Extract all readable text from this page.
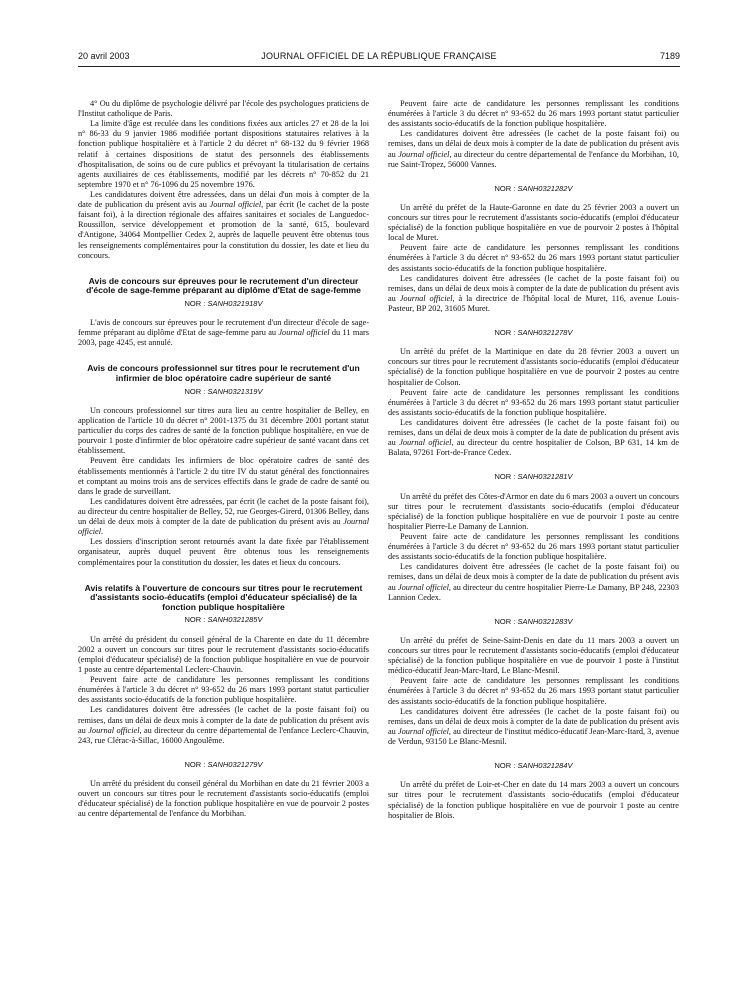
20 avril 2003	JOURNAL OFFICIEL DE LA RÉPUBLIQUE FRANÇAISE	7189

4° Ou du diplôme de psychologie délivré par l'école des psychologues praticiens de l'Institut catholique de Paris.

La limite d'âge est reculée dans les conditions fixées aux articles 27 et 28 de la loi n° 86-33 du 9 janvier 1986 modifiée portant dispositions statutaires relatives à la fonction publique hospitalière et à l'article 2 du décret n° 68-132 du 9 février 1968 relatif à certaines dispositions de statut des personnels des établissements d'hospitalisation, de soins ou de cure publics et prévoyant la titularisation de certains agents auxiliaires de ces établissements, modifié par les décrets n° 70-852 du 21 septembre 1970 et n° 76-1096 du 25 novembre 1976.

Les candidatures doivent être adressées, dans un délai d'un mois à compter de la date de publication du présent avis au Journal officiel, par écrit (le cachet de la poste faisant foi), à la direction régionale des affaires sanitaires et sociales de Languedoc-Roussillon, service développement et promotion de la santé, 615, boulevard d'Antigone, 34064 Montpellier Cedex 2, auprès de laquelle peuvent être obtenus tous les renseignements complémentaires pour la constitution du dossier, les date et lieu du concours.

Avis de concours sur épreuves pour le recrutement d'un directeur d'école de sage-femme préparant au diplôme d'Etat de sage-femme
NOR : SANH0321918V

L'avis de concours sur épreuves pour le recrutement d'un directeur d'école de sage-femme préparant au diplôme d'Etat de sage-femme paru au Journal officiel du 11 mars 2003, page 4245, est annulé.

Avis de concours professionnel sur titres pour le recrutement d'un infirmier de bloc opératoire cadre supérieur de santé
NOR : SANH0321319V

Un concours professionnel sur titres aura lieu au centre hospitalier de Belley, en application de l'article 10 du décret n° 2001-1375 du 31 décembre 2001 portant statut particulier du corps des cadres de santé de la fonction publique hospitalière, en vue de pourvoir 1 poste d'infirmier de bloc opératoire cadre supérieur de santé vacant dans cet établissement.

Peuvent être candidats les infirmiers de bloc opératoire cadres de santé des établissements mentionnés à l'article 2 du titre IV du statut général des fonctionnaires et comptant au moins trois ans de services effectifs dans le grade de cadre de santé ou dans le grade de surveillant.

Les candidatures doivent être adressées, par écrit (le cachet de la poste faisant foi), au directeur du centre hospitalier de Belley, 52, rue Georges-Girerd, 01306 Belley, dans un délai de deux mois à compter de la date de publication du présent avis au Journal officiel.

Les dossiers d'inscription seront retournés avant la date fixée par l'établissement organisateur, auprès duquel peuvent être obtenus tous les renseignements complémentaires pour la constitution du dossier, les dates et lieux du concours.

Avis relatifs à l'ouverture de concours sur titres pour le recrutement d'assistants socio-éducatifs (emploi d'éducateur spécialisé) de la fonction publique hospitalière
NOR : SANH0321285V

Un arrêté du président du conseil général de la Charente en date du 11 décembre 2002 a ouvert un concours sur titres pour le recrutement d'assistants socio-éducatifs (emploi d'éducateur spécialisé) de la fonction publique hospitalière en vue de pourvoir 1 poste au centre départemental Leclerc-Chauvin.

Peuvent faire acte de candidature les personnes remplissant les conditions énumérées à l'article 3 du décret n° 93-652 du 26 mars 1993 portant statut particulier des assistants socio-éducatifs de la fonction publique hospitalière.

Les candidatures doivent être adressées (le cachet de la poste faisant foi) ou remises, dans un délai de deux mois à compter de la date de publication du présent avis au Journal officiel, au directeur du centre départemental de l'enfance Leclerc-Chauvin, 243, rue Clérac-à-Sillac, 16000 Angoulême.

NOR : SANH0321279V

Un arrêté du président du conseil général du Morbihan en date du 21 février 2003 a ouvert un concours sur titres pour le recrutement d'assistants socio-éducatifs (emploi d'éducateur spécialisé) de la fonction publique hospitalière en vue de pourvoir 2 postes au centre départemental de l'enfance du Morbihan.

Peuvent faire acte de candidature les personnes remplissant les conditions énumérées à l'article 3 du décret n° 93-652 du 26 mars 1993 portant statut particulier des assistants socio-éducatifs de la fonction publique hospitalière.

Les candidatures doivent être adressées (le cachet de la poste faisant foi) ou remises, dans un délai de deux mois à compter de la date de publication du présent avis au Journal officiel, au directeur du centre départemental de l'enfance du Morbihan, 10, rue Saint-Tropez, 56000 Vannes.

NOR : SANH0321282V

Un arrêté du préfet de la Haute-Garonne en date du 25 février 2003 a ouvert un concours sur titres pour le recrutement d'assistants socio-éducatifs (emploi d'éducateur spécialisé) de la fonction publique hospitalière en vue de pourvoir 2 postes à l'hôpital local de Muret.

Peuvent faire acte de candidature les personnes remplissant les conditions énumérées à l'article 3 du décret n° 93-652 du 26 mars 1993 portant statut particulier des assistants socio-éducatifs de la fonction publique hospitalière.

Les candidatures doivent être adressées (le cachet de la poste faisant foi) ou remises, dans un délai de deux mois à compter de la date de publication du présent avis au Journal officiel, à la directrice de l'hôpital local de Muret, 116, avenue Louis-Pasteur, BP 202, 31605 Muret.

NOR : SANH0321278V

Un arrêté du préfet de la Martinique en date du 28 février 2003 a ouvert un concours sur titres pour le recrutement d'assistants socio-éducatifs (emploi d'éducateur spécialisé) de la fonction publique hospitalière en vue de pourvoir 2 postes au centre hospitalier de Colson.

Peuvent faire acte de candidature les personnes remplissant les conditions énumérées à l'article 3 du décret n° 93-652 du 26 mars 1993 portant statut particulier des assistants socio-éducatifs de la fonction publique hospitalière.

Les candidatures doivent être adressées (le cachet de la poste faisant foi) ou remises, dans un délai de deux mois à compter de la date de publication du présent avis au Journal officiel, au directeur du centre hospitalier de Colson, BP 631, 14 km de Balata, 97261 Fort-de-France Cedex.

NOR : SANH0321281V

Un arrêté du préfet des Côtes-d'Armor en date du 6 mars 2003 a ouvert un concours sur titres pour le recrutement d'assistants socio-éducatifs (emploi d'éducateur spécialisé) de la fonction publique hospitalière en vue de pourvoir 1 poste au centre hospitalier Pierre-Le Damany de Lannion.

Peuvent faire acte de candidature les personnes remplissant les conditions énumérées à l'article 3 du décret n° 93-652 du 26 mars 1993 portant statut particulier des assistants socio-éducatifs de la fonction publique hospitalière.

Les candidatures doivent être adressées (le cachet de la poste faisant foi) ou remises, dans un délai de deux mois à compter de la date de publication du présent avis au Journal officiel, au directeur du centre hospitalier Pierre-Le Damany, BP 248, 22303 Lannion Cedex.

NOR : SANH0321283V

Un arrêté du préfet de Seine-Saint-Denis en date du 11 mars 2003 a ouvert un concours sur titres pour le recrutement d'assistants socio-éducatifs (emploi d'éducateur spécialisé) de la fonction publique hospitalière en vue de pourvoir 1 poste à l'institut médico-éducatif Jean-Marc-Itard, Le Blanc-Mesnil.

Peuvent faire acte de candidature les personnes remplissant les conditions énumérées à l'article 3 du décret n° 93-652 du 26 mars 1993 portant statut particulier des assistants socio-éducatifs de la fonction publique hospitalière.

Les candidatures doivent être adressées (le cachet de la poste faisant foi) ou remises, dans un délai de deux mois à compter de la date de publication du présent avis au Journal officiel, au directeur de l'institut médico-éducatif Jean-Marc-Itard, 3, avenue de Verdun, 93150 Le Blanc-Mesnil.

NOR : SANH0321284V

Un arrêté du préfet de Loir-et-Cher en date du 14 mars 2003 a ouvert un concours sur titres pour le recrutement d'assistants socio-éducatifs (emploi d'éducateur spécialisé) de la fonction publique hospitalière en vue de pourvoir 1 poste au centre hospitalier de Blois.
